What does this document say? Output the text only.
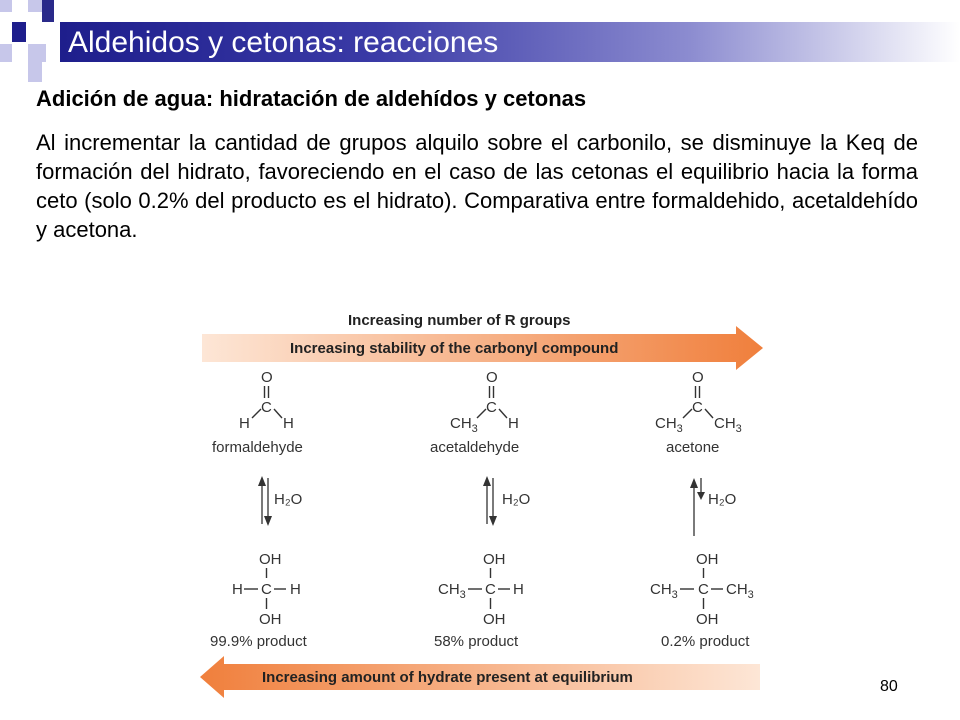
Aldehidos y cetonas: reacciones
Adición de agua: hidratación de aldehídos y cetonas
Al incrementar la cantidad de grupos alquilo sobre el carbonilo, se disminuye la Keq de formación del hidrato, favoreciendo en el caso de las cetonas el equilibrio hacia la forma ceto (solo 0.2% del producto es el hidrato). Comparativa entre formaldehido, acetaldehído y acetona.
Increasing number of R groups
Increasing stability of the carbonyl compound
O
C
H H
formaldehyde
O
C
$CH_3$ H
acetaldehyde
O
C
$CH_3$ $CH_3$
acetone
H₂O	H₂O	H₂O
OH
H C H
OH
99.9% product
OH
$CH_3$ C H
OH
58% product
OH
$CH_3$ C $CH_3$
OH
0.2% product
Increasing amount of hydrate present at equilibrium
80
